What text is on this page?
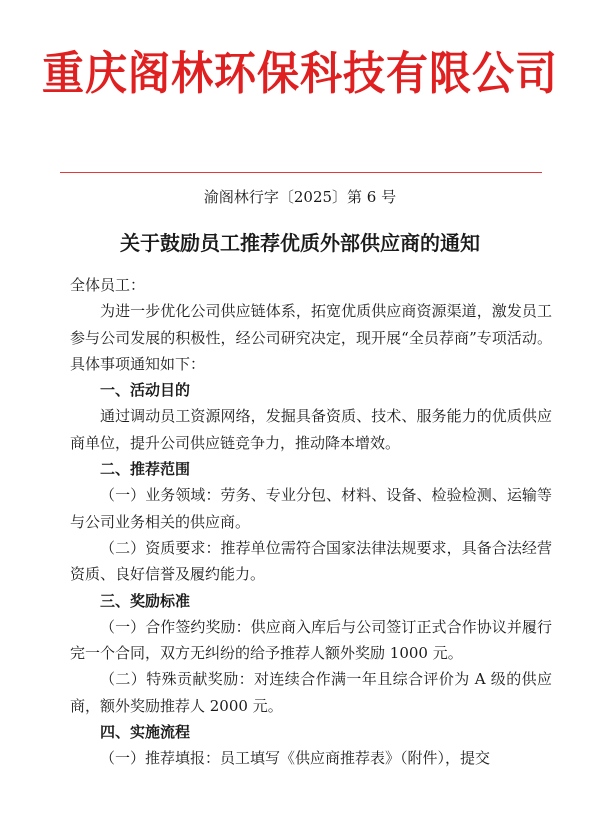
重庆阁林环保科技有限公司
渝阁林行字〔2025〕第 6 号
关于鼓励员工推荐优质外部供应商的通知

全体员工：

为进一步优化公司供应链体系，拓宽优质供应商资源渠道，激发员工参与公司发展的积极性，经公司研究决定，现开展“全员荐商”专项活动。具体事项通知如下：

一、活动目的

通过调动员工资源网络，发掘具备资质、技术、服务能力的优质供应商单位，提升公司供应链竞争力，推动降本增效。

二、推荐范围

（一）业务领域：劳务、专业分包、材料、设备、检验检测、运输等与公司业务相关的供应商。

（二）资质要求：推荐单位需符合国家法律法规要求，具备合法经营资质、良好信誉及履约能力。

三、奖励标准

（一）合作签约奖励：供应商入库后与公司签订正式合作协议并履行完一个合同，双方无纠纷的给予推荐人额外奖励 1000 元。

（二）特殊贡献奖励：对连续合作满一年且综合评价为 A 级的供应商，额外奖励推荐人 2000 元。

四、实施流程

（一）推荐填报：员工填写《供应商推荐表》（附件），提交
